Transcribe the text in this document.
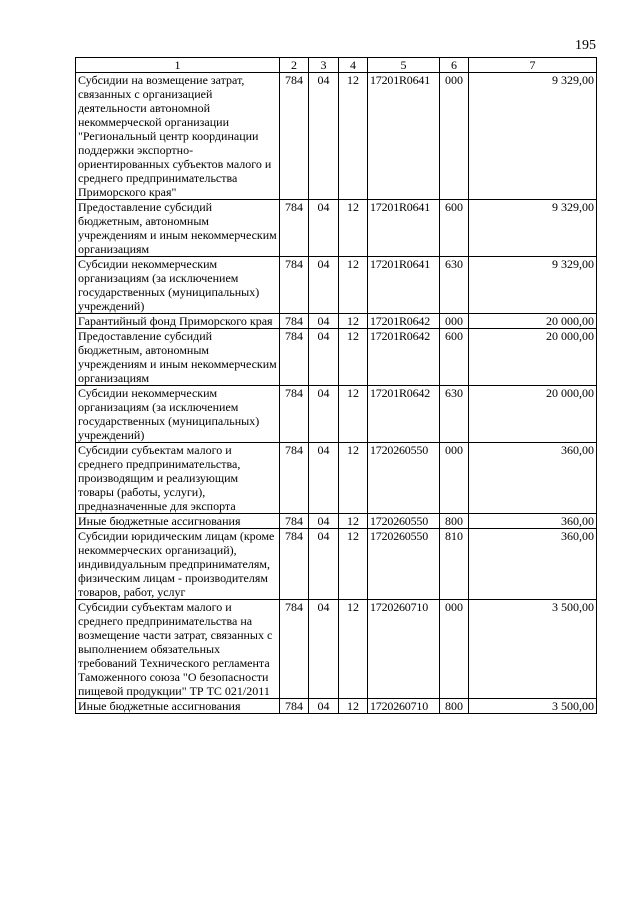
195
1	2	3	4	5	6	7
Субсидии на возмещение затрат, связанных с организацией деятельности автономной некоммерческой организации "Региональный центр координации поддержки экспортно-ориентированных субъектов малого и среднего предпринимательства Приморского края"	784	04	12	17201R0641	000	9 329,00
Предоставление субсидий бюджетным, автономным учреждениям и иным некоммерческим организациям	784	04	12	17201R0641	600	9 329,00
Субсидии некоммерческим организациям (за исключением государственных (муниципальных) учреждений)	784	04	12	17201R0641	630	9 329,00
Гарантийный фонд Приморского края	784	04	12	17201R0642	000	20 000,00
Предоставление субсидий бюджетным, автономным учреждениям и иным некоммерческим организациям	784	04	12	17201R0642	600	20 000,00
Субсидии некоммерческим организациям (за исключением государственных (муниципальных) учреждений)	784	04	12	17201R0642	630	20 000,00
Субсидии субъектам малого и среднего предпринимательства, производящим и реализующим товары (работы, услуги), предназначенные для экспорта	784	04	12	1720260550	000	360,00
Иные бюджетные ассигнования	784	04	12	1720260550	800	360,00
Субсидии юридическим лицам (кроме некоммерческих организаций), индивидуальным предпринимателям, физическим лицам - производителям товаров, работ, услуг	784	04	12	1720260550	810	360,00
Субсидии субъектам малого и среднего предпринимательства на возмещение части затрат, связанных с выполнением обязательных требований Технического регламента Таможенного союза "О безопасности пищевой продукции" ТР ТС 021/2011	784	04	12	1720260710	000	3 500,00
Иные бюджетные ассигнования	784	04	12	1720260710	800	3 500,00
